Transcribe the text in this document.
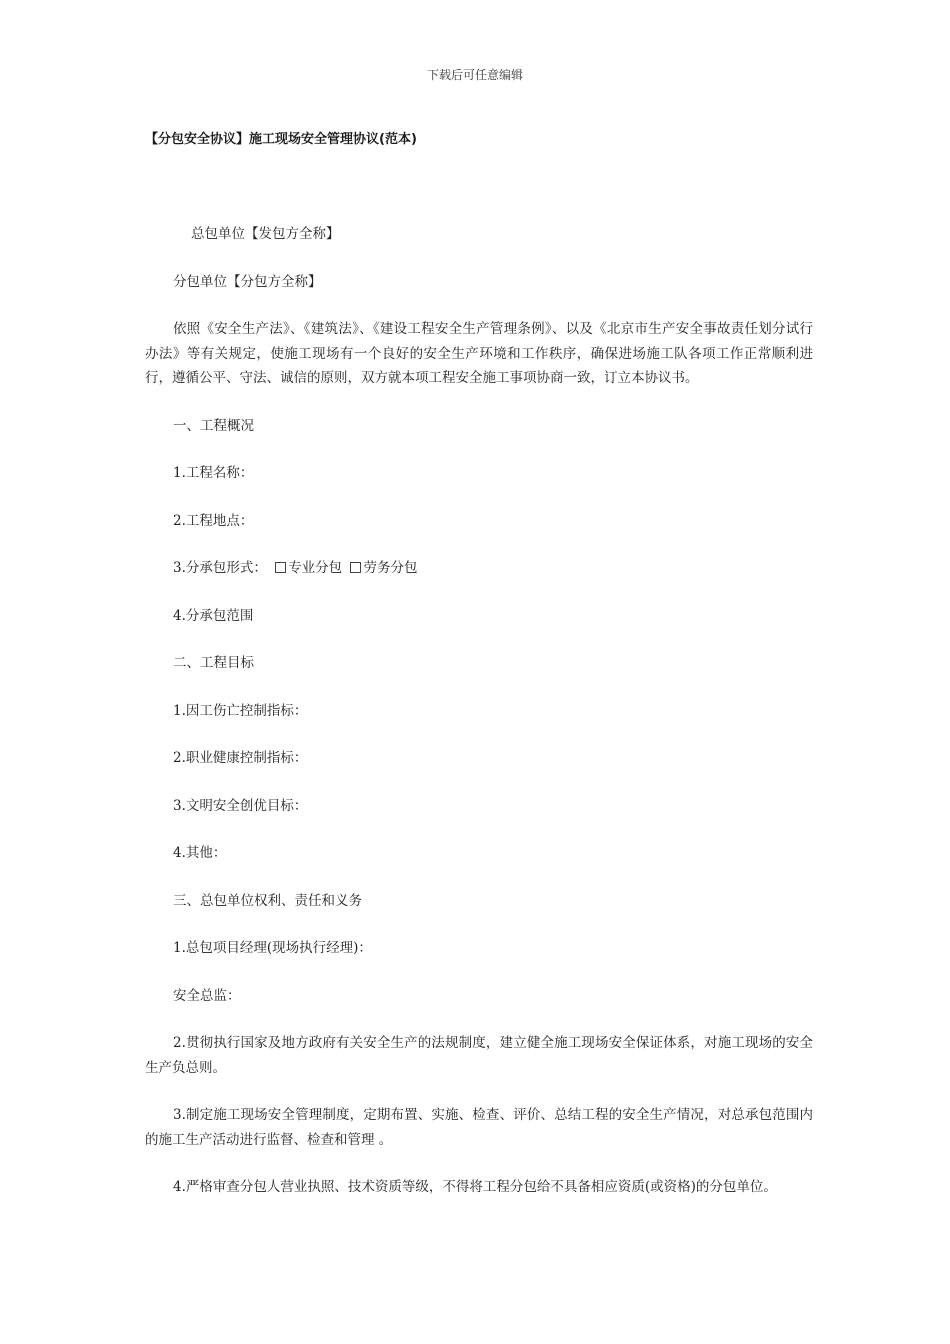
下载后可任意编辑
【分包安全协议】施工现场安全管理协议(范本)

总包单位【发包方全称】

分包单位【分包方全称】

依照《安全生产法》、《建筑法》、《建设工程安全生产管理条例》、以及《北京市生产安全事故责任划分试行办法》等有关规定，使施工现场有一个良好的安全生产环境和工作秩序，确保进场施工队各项工作正常顺利进行，遵循公平、守法、诚信的原则，双方就本项工程安全施工事项协商一致，订立本协议书。

一、工程概况

1.工程名称：

2.工程地点：

3.分承包形式： 专业分包 劳务分包

4.分承包范围

二、工程目标

1.因工伤亡控制指标：

2.职业健康控制指标：

3.文明安全创优目标：

4.其他：

三、总包单位权利、责任和义务

1.总包项目经理(现场执行经理)：

安全总监：

2.贯彻执行国家及地方政府有关安全生产的法规制度，建立健全施工现场安全保证体系，对施工现场的安全生产负总则。

3.制定施工现场安全管理制度，定期布置、实施、检查、评价、总结工程的安全生产情况，对总承包范围内的施工生产活动进行监督、检查和管理 。

4.严格审查分包人营业执照、技术资质等级，不得将工程分包给不具备相应资质(或资格)的分包单位。
